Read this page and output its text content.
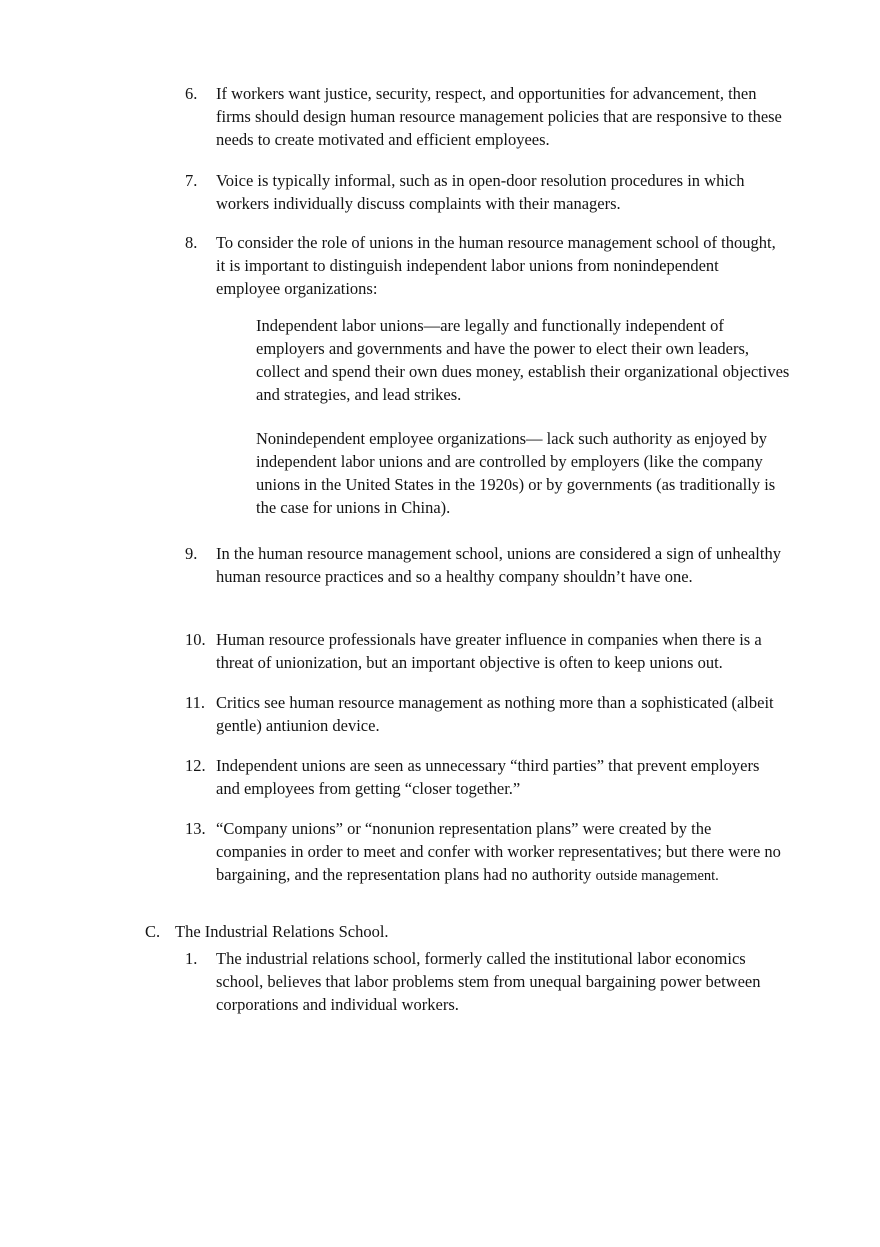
6. If workers want justice, security, respect, and opportunities for advancement, then firms should design human resource management policies that are responsive to these needs to create motivated and efficient employees.
7. Voice is typically informal, such as in open-door resolution procedures in which workers individually discuss complaints with their managers.
8. To consider the role of unions in the human resource management school of thought, it is important to distinguish independent labor unions from nonindependent employee organizations:
Independent labor unions—are legally and functionally independent of employers and governments and have the power to elect their own leaders, collect and spend their own dues money, establish their organizational objectives and strategies, and lead strikes.
Nonindependent employee organizations— lack such authority as enjoyed by independent labor unions and are controlled by employers (like the company unions in the United States in the 1920s) or by governments (as traditionally is the case for unions in China).
9. In the human resource management school, unions are considered a sign of unhealthy human resource practices and so a healthy company shouldn’t have one.
10. Human resource professionals have greater influence in companies when there is a threat of unionization, but an important objective is often to keep unions out.
11. Critics see human resource management as nothing more than a sophisticated (albeit gentle) antiunion device.
12. Independent unions are seen as unnecessary “third parties” that prevent employers and employees from getting “closer together.”
13. “Company unions” or “nonunion representation plans” were created by the companies in order to meet and confer with worker representatives; but there were no bargaining, and the representation plans had no authority outside management.
C. The Industrial Relations School.
1. The industrial relations school, formerly called the institutional labor economics school, believes that labor problems stem from unequal bargaining power between corporations and individual workers.
